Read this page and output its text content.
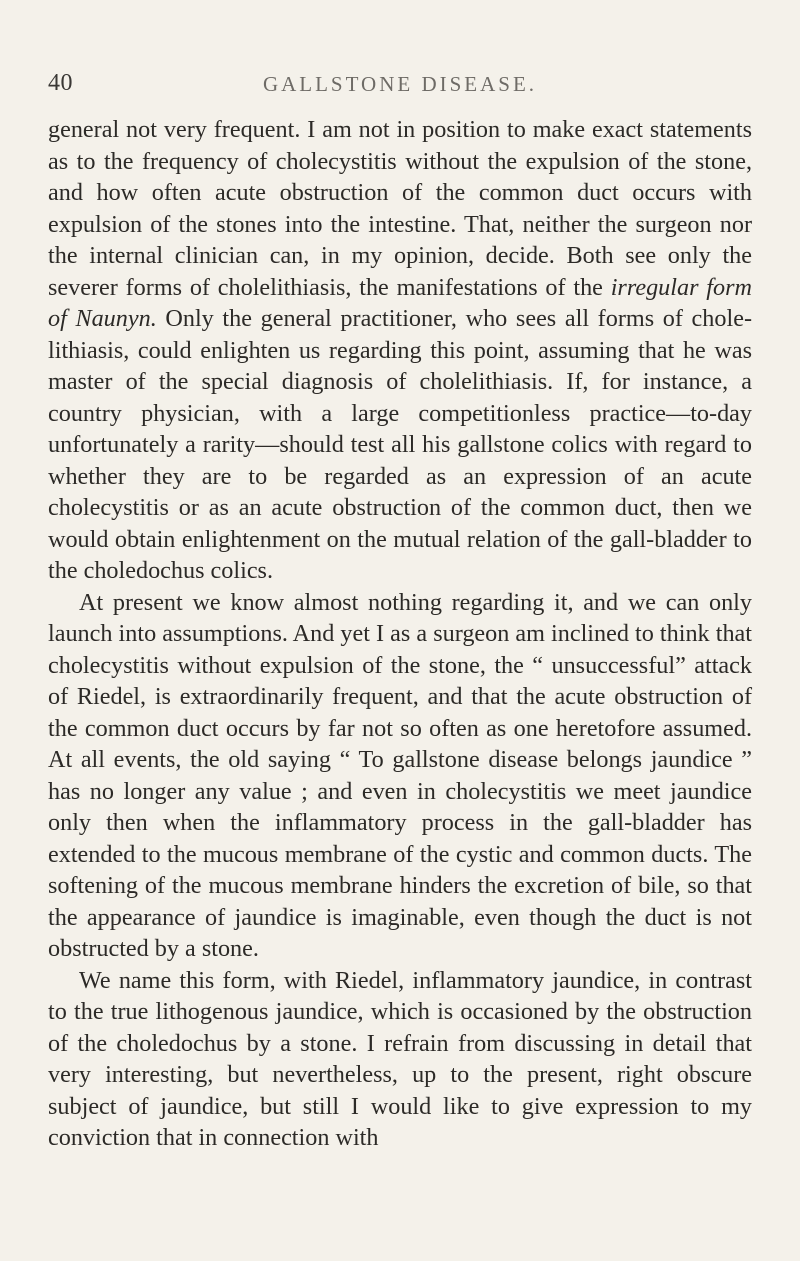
40	GALLSTONE DISEASE.

general not very frequent. I am not in position to make exact statements as to the frequency of cholecystitis without the expulsion of the stone, and how often acute obstruction of the common duct occurs with expulsion of the stones into the intestine. That, neither the surgeon nor the internal clinician can, in my opinion, decide. Both see only the severer forms of cholelithiasis, the manifestations of the irregular form of Naunyn. Only the general practitioner, who sees all forms of cholelithiasis, could enlighten us regarding this point, assuming that he was master of the special diagnosis of cholelithiasis. If, for instance, a country physician, with a large competitionless practice—to-day unfortunately a rarity—should test all his gallstone colics with regard to whether they are to be regarded as an expression of an acute cholecystitis or as an acute obstruction of the common duct, then we would obtain enlightenment on the mutual relation of the gall-bladder to the choledochus colics.

At present we know almost nothing regarding it, and we can only launch into assumptions. And yet I as a surgeon am inclined to think that cholecystitis without expulsion of the stone, the “ unsuccessful” attack of Riedel, is extraordinarily frequent, and that the acute obstruction of the common duct occurs by far not so often as one heretofore assumed. At all events, the old saying “ To gallstone disease belongs jaundice ” has no longer any value ; and even in cholecystitis we meet jaundice only then when the inflammatory process in the gall-bladder has extended to the mucous membrane of the cystic and common ducts. The softening of the mucous membrane hinders the excretion of bile, so that the appearance of jaundice is imaginable, even though the duct is not obstructed by a stone.

We name this form, with Riedel, inflammatory jaundice, in contrast to the true lithogenous jaundice, which is occasioned by the obstruction of the choledochus by a stone. I refrain from discussing in detail that very interesting, but nevertheless, up to the present, right obscure subject of jaundice, but still I would like to give expression to my conviction that in connection with
